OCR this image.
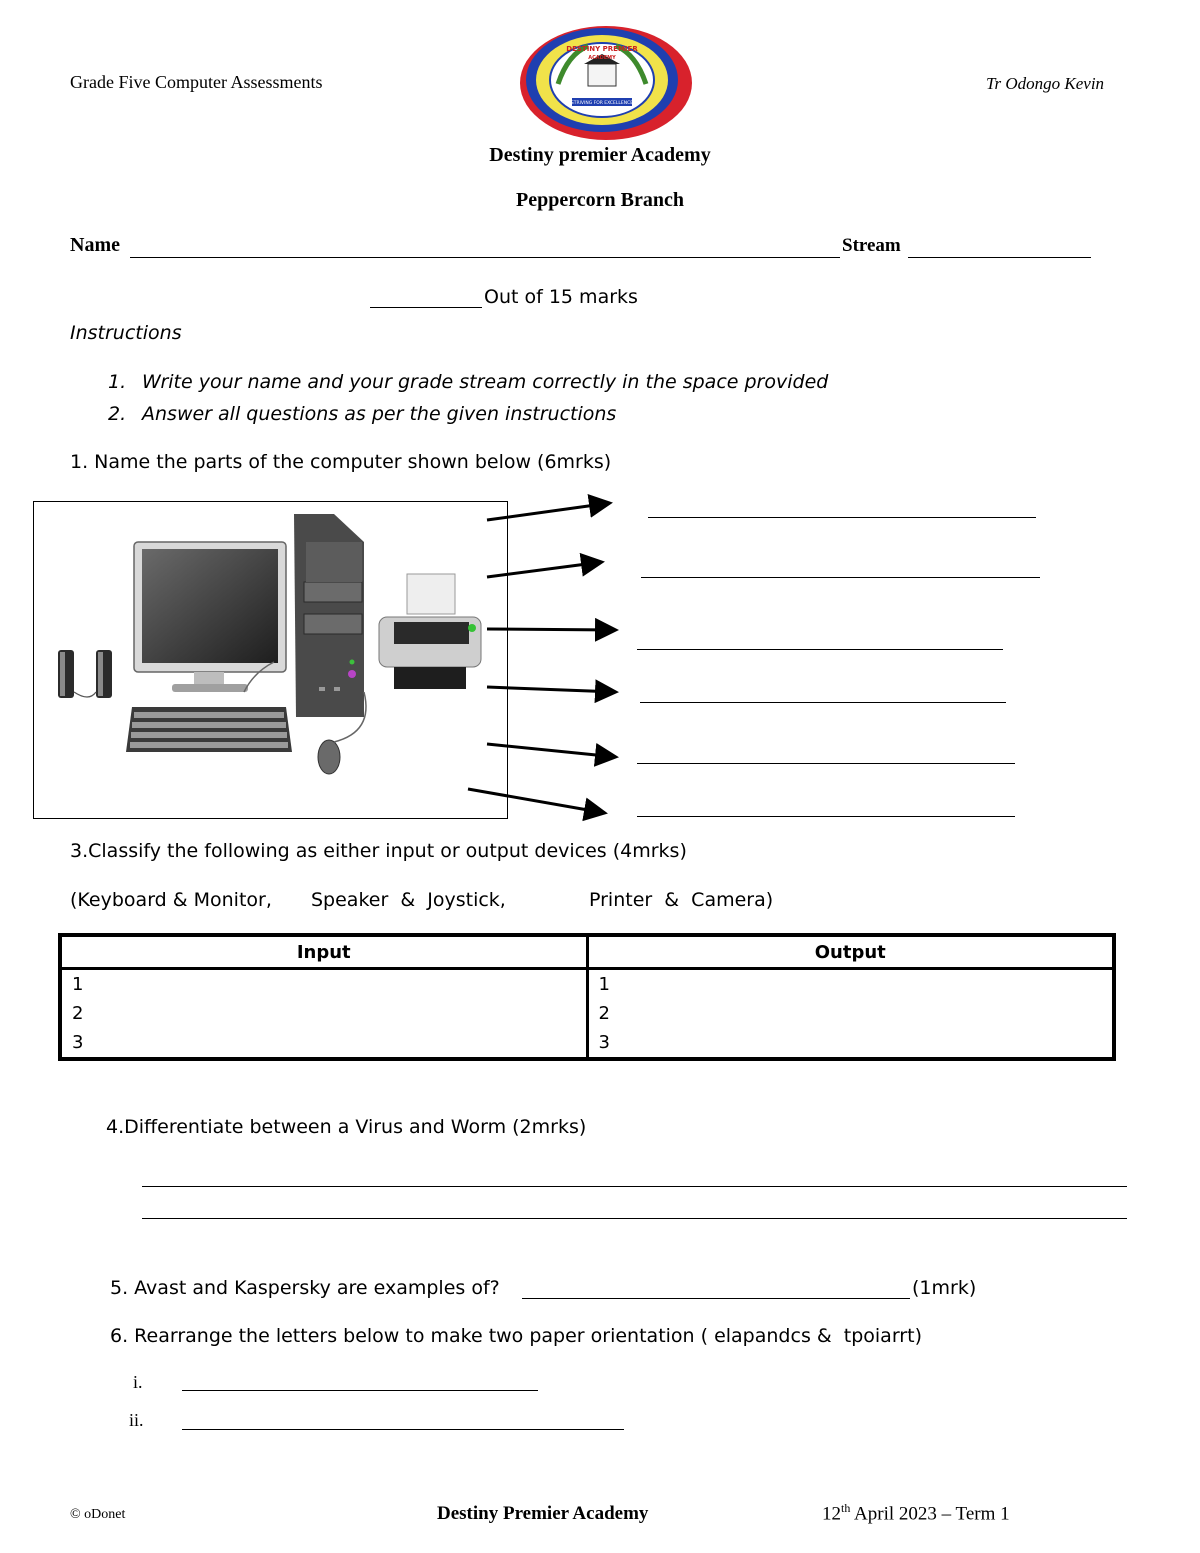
Grade Five Computer Assessments	Tr Odongo Kevin
DESTINY PREMIER
ACADEMY
STRIVING FOR EXCELLENCE
Destiny premier Academy
Peppercorn Branch
Name	Stream
Out of 15 marks
Instructions
1. Write your name and your grade stream correctly in the space provided
2. Answer all questions as per the given instructions
1. Name the parts of the computer shown below (6mrks)
3.Classify the following as either input or output devices (4mrks)
(Keyboard & Monitor, Speaker  &  Joystick,	Printer  &  Camera)
Input	Output
1	1
2	2
3	3
4.Differentiate between a Virus and Worm (2mrks)
5. Avast and Kaspersky are examples of?	(1mrk)
6. Rearrange the letters below to make two paper orientation ( elapandcs &  tpoiarrt)
i.
ii.
© oDonet	Destiny Premier Academy	12th April 2023 – Term 1
